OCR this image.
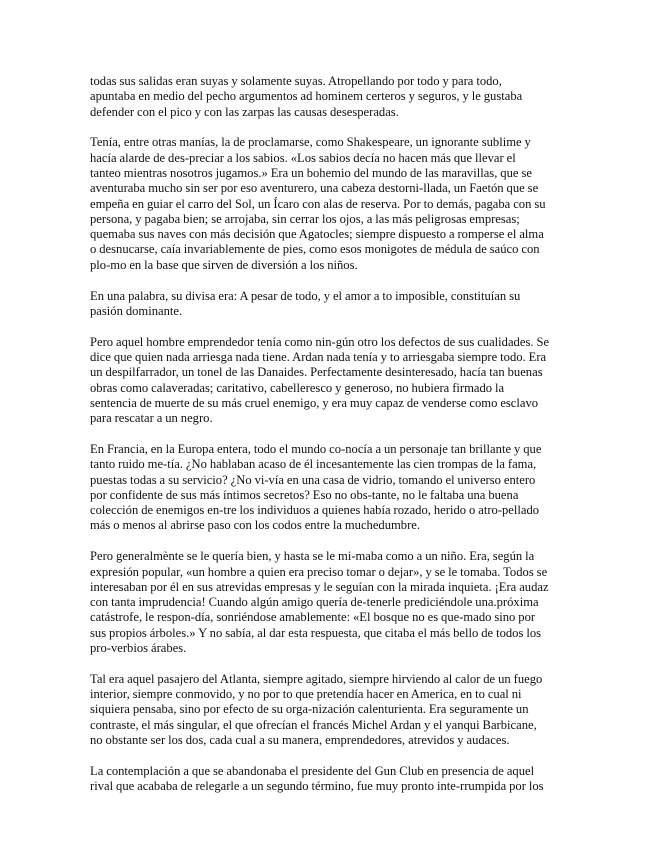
todas sus salidas eran suyas y solamente suyas. Atropellando por todo y para todo,
apuntaba en medio del pecho argumentos ad hominem certeros y seguros, y le gustaba
defender con el pico y con las zarpas las causas desesperadas.

Tenía, entre otras manías, la de proclamarse, como Shakespeare, un ignorante sublime y
hacía alarde de des-preciar a los sabios. «Los sabios decía no hacen más que llevar el
tanteo mientras nosotros jugamos.» Era un bohemio del mundo de las maravillas, que se
aventuraba mucho sin ser por eso aventurero, una cabeza destorni-llada, un Faetón que se
empeña en guiar el carro del Sol, un Ícaro con alas de reserva. Por to demás, pagaba con su
persona, y pagaba bien; se arrojaba, sin cerrar los ojos, a las más peligrosas empresas;
quemaba sus naves con más decisión que Agatocles; siempre dispuesto a romperse el alma
o desnucarse, caía invariablemente de pies, como esos monigotes de médula de saúco con
plo-mo en la base que sirven de diversión a los niños.

En una palabra, su divisa era: A pesar de todo, y el amor a to imposible, constituían su
pasión dominante.

Pero aquel hombre emprendedor tenía como nin-gún otro los defectos de sus cualidades. Se
dice que quien nada arriesga nada tiene. Ardan nada tenía y to arriesgaba siempre todo. Era
un despilfarrador, un tonel de las Danaides. Perfectamente desinteresado, hacía tan buenas
obras como calaveradas; caritativo, cabelleresco y generoso, no hubiera firmado la
sentencia de muerte de su más cruel enemigo, y era muy capaz de venderse como esclavo
para rescatar a un negro.

En Francia, en la Europa entera, todo el mundo co-nocía a un personaje tan brillante y que
tanto ruido me-tía. ¿No hablaban acaso de él incesantemente las cien trompas de la fama,
puestas todas a su servicio? ¿No vi-vía en una casa de vidrio, tomando el universo entero
por confidente de sus más íntimos secretos? Eso no obs-tante, no le faltaba una buena
colección de enemigos en-tre los individuos a quienes había rozado, herido o atro-pellado
más o menos al abrirse paso con los codos entre la muchedumbre.

Pero generalmènte se le quería bien, y hasta se le mi-maba como a un niño. Era, según la
expresión popular, «un hombre a quien era preciso tomar o dejar», y se le tomaba. Todos se
interesaban por él en sus atrevidas empresas y le seguían con la mirada inquieta. ¡Era audaz
con tanta imprudencia! Cuando algún amigo quería de-tenerle prediciéndole una.próxima
catástrofe, le respon-día, sonriéndose amablemente: «El bosque no es que-mado sino por
sus propios árboles.» Y no sabía, al dar esta respuesta, que citaba el más bello de todos los
pro-verbios árabes.

Tal era aquel pasajero del Atlanta, siempre agitado, siempre hirviendo al calor de un fuego
interior, siempre conmovido, y no por to que pretendía hacer en America, en to cual ni
siquiera pensaba, sino por efecto de su orga-nización calenturienta. Era seguramente un
contraste, el más singular, el que ofrecían el francés Michel Ardan y el yanqui Barbicane,
no obstante ser los dos, cada cual a su manera, emprendedores, atrevidos y audaces.

La contemplación a que se abandonaba el presidente del Gun Club en presencia de aquel
rival que acababa de relegarle a un segundo término, fue muy pronto inte-rrumpida por los
